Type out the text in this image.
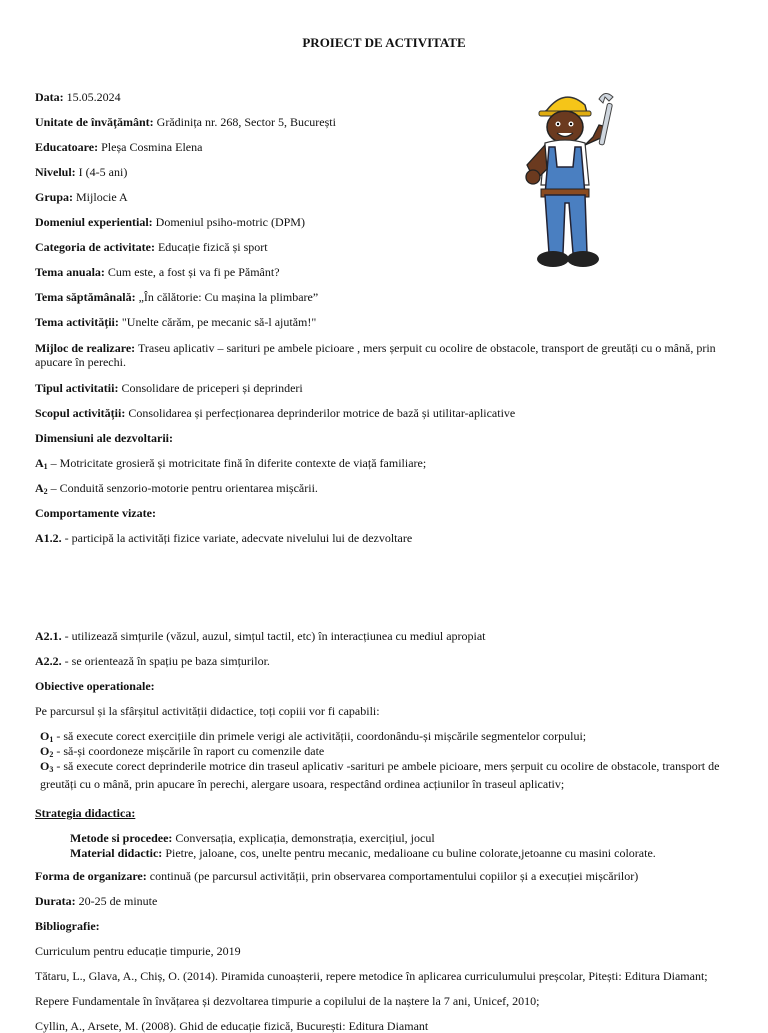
PROIECT DE ACTIVITATE
Data: 15.05.2024
Unitate de învățământ: Grădinița nr. 268, Sector 5, București
Educatoare: Pleșa Cosmina Elena
Nivelul: I (4-5 ani)
Grupa: Mijlocie A
Domeniul experiential: Domeniul psiho-motric (DPM)
Categoria de activitate: Educație fizică și sport
Tema anuala: Cum este, a fost și va fi pe Pământ?
Tema săptămânală: „În călătorie: Cu mașina la plimbare”
Tema activității: "Unelte cărăm, pe mecanic să-l ajutăm!"
Mijloc de realizare: Traseu aplicativ – sarituri pe ambele picioare , mers șerpuit cu ocolire de obstacole, transport de greutăți cu o mână, prin apucare în perechi.
Tipul activitatii: Consolidare de priceperi și deprinderi
Scopul activității: Consolidarea și perfecționarea deprinderilor motrice de bază și utilitar-aplicative
Dimensiuni ale dezvoltarii:
$A_1$ – Motricitate grosieră și motricitate fină în diferite contexte de viață familiare;
$A_2$ – Conduită senzorio-motorie pentru orientarea mișcării.
Comportamente vizate:
A1.2. - participă la activități fizice variate, adecvate nivelului lui de dezvoltare
A2.1. - utilizează simțurile (văzul, auzul, simțul tactil, etc) în interacțiunea cu mediul apropiat
A2.2. - se orientează în spațiu pe baza simțurilor.
Obiective operationale:
Pe parcursul și la sfârșitul activității didactice, toți copiii vor fi capabili:
$O_1$ - să execute corect exercițiile din primele verigi ale activității, coordonându-și mișcările segmentelor corpului;
$O_2$ - să-și coordoneze mișcările în raport cu comenzile date
$O_3$ - să execute corect deprinderile motrice din traseul aplicativ -sarituri pe ambele picioare, mers șerpuit cu ocolire de obstacole, transport de greutăți cu o mână, prin apucare în perechi, alergare usoara, respectând ordinea acțiunilor în traseul aplicativ;
Strategia didactica:
Metode si procedee: Conversația, explicația, demonstrația, exercițiul, jocul
Material didactic: Pietre, jaloane, cos, unelte pentru mecanic, medalioane cu buline colorate,jetoanne cu masini colorate.
Forma de organizare: continuă (pe parcursul activității, prin observarea comportamentului copiilor și a execuției mișcărilor)
Durata: 20-25 de minute
Bibliografie:
Curriculum pentru educație timpurie, 2019
Tătaru, L., Glava, A., Chiș, O. (2014). Piramida cunoașterii, repere metodice în aplicarea curriculumului preșcolar, Pitești: Editura Diamant;
Repere Fundamentale în învățarea și dezvoltarea timpurie a copilului de la naștere la 7 ani, Unicef, 2010;
Cyllin, A., Arsete, M. (2008). Ghid de educație fizică, București: Editura Diamant
